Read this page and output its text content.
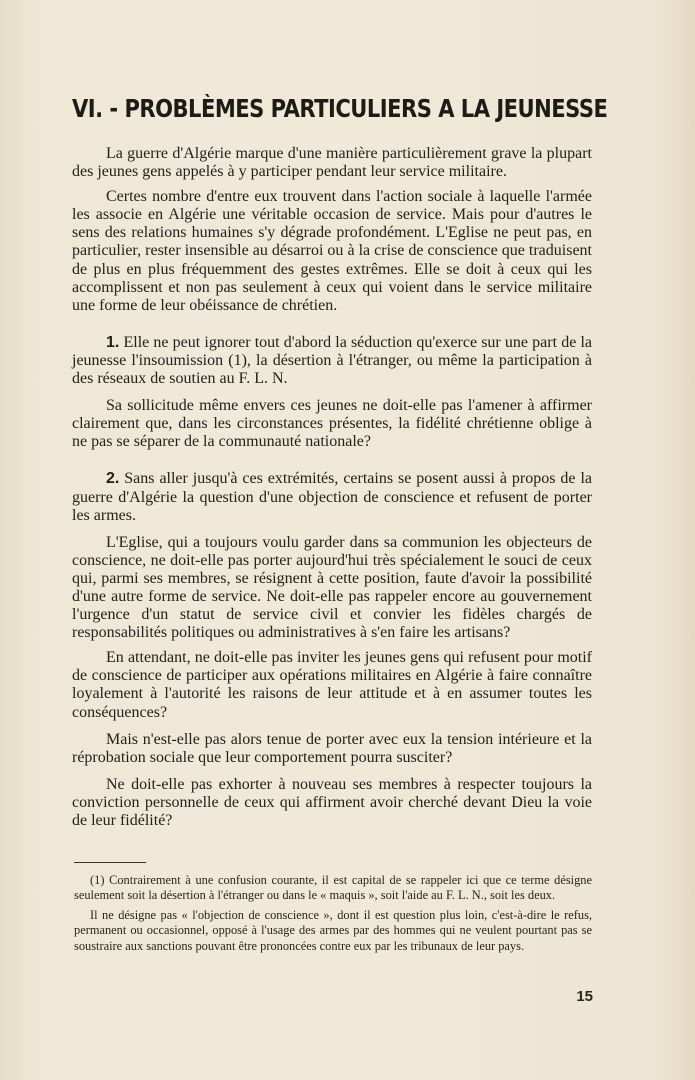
VI. - PROBLÈMES PARTICULIERS A LA JEUNESSE

La guerre d'Algérie marque d'une manière particulièrement grave la plupart des jeunes gens appelés à y participer pendant leur service militaire.

Certes nombre d'entre eux trouvent dans l'action sociale à laquelle l'armée les associe en Algérie une véritable occasion de service. Mais pour d'autres le sens des relations humaines s'y dégrade profondément. L'Eglise ne peut pas, en particulier, rester insensible au désarroi ou à la crise de conscience que traduisent de plus en plus fréquemment des gestes extrêmes. Elle se doit à ceux qui les accomplissent et non pas seulement à ceux qui voient dans le service militaire une forme de leur obéissance de chrétien.

1. Elle ne peut ignorer tout d'abord la séduction qu'exerce sur une part de la jeunesse l'insoumission (1), la désertion à l'étranger, ou même la participation à des réseaux de soutien au F. L. N.

Sa sollicitude même envers ces jeunes ne doit-elle pas l'amener à affirmer clairement que, dans les circonstances présentes, la fidélité chrétienne oblige à ne pas se séparer de la communauté nationale?

2. Sans aller jusqu'à ces extrémités, certains se posent aussi à propos de la guerre d'Algérie la question d'une objection de conscience et refusent de porter les armes.

L'Eglise, qui a toujours voulu garder dans sa communion les objecteurs de conscience, ne doit-elle pas porter aujourd'hui très spécialement le souci de ceux qui, parmi ses membres, se résignent à cette position, faute d'avoir la possibilité d'une autre forme de service. Ne doit-elle pas rappeler encore au gouvernement l'urgence d'un statut de service civil et convier les fidèles chargés de responsabilités politiques ou administratives à s'en faire les artisans?

En attendant, ne doit-elle pas inviter les jeunes gens qui refusent pour motif de conscience de participer aux opérations militaires en Algérie à faire connaître loyalement à l'autorité les raisons de leur attitude et à en assumer toutes les conséquences?

Mais n'est-elle pas alors tenue de porter avec eux la tension intérieure et la réprobation sociale que leur comportement pourra susciter?

Ne doit-elle pas exhorter à nouveau ses membres à respecter toujours la conviction personnelle de ceux qui affirment avoir cherché devant Dieu la voie de leur fidélité?

(1) Contrairement à une confusion courante, il est capital de se rappeler ici que ce terme désigne seulement soit la désertion à l'étranger ou dans le « maquis », soit l'aide au F. L. N., soit les deux.

Il ne désigne pas « l'objection de conscience », dont il est question plus loin, c'est-à-dire le refus, permanent ou occasionnel, opposé à l'usage des armes par des hommes qui ne veulent pourtant pas se soustraire aux sanctions pouvant être prononcées contre eux par les tribunaux de leur pays.

15
